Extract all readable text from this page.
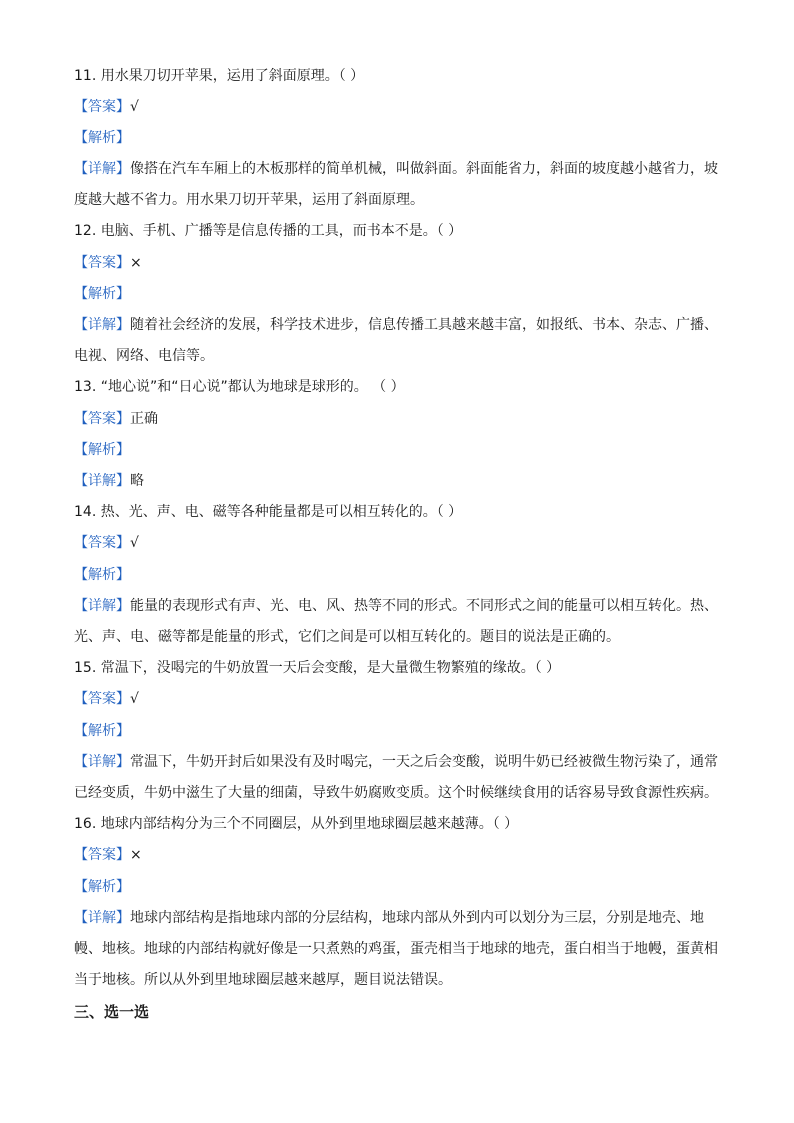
11. 用水果刀切开苹果，运用了斜面原理。（ ）
【答案】√
【解析】
【详解】像搭在汽车车厢上的木板那样的简单机械，叫做斜面。斜面能省力，斜面的坡度越小越省力，坡
度越大越不省力。用水果刀切开苹果，运用了斜面原理。
12. 电脑、手机、广播等是信息传播的工具，而书本不是。（ ）
【答案】×
【解析】
【详解】随着社会经济的发展，科学技术进步，信息传播工具越来越丰富，如报纸、书本、杂志、广播、
电视、网络、电信等。
13. “地心说”和“日心说”都认为地球是球形的。 （ ）
【答案】正确
【解析】
【详解】略
14. 热、光、声、电、磁等各种能量都是可以相互转化的。（ ）
【答案】√
【解析】
【详解】能量的表现形式有声、光、电、风、热等不同的形式。不同形式之间的能量可以相互转化。热、
光、声、电、磁等都是能量的形式，它们之间是可以相互转化的。题目的说法是正确的。
15. 常温下，没喝完的牛奶放置一天后会变酸，是大量微生物繁殖的缘故。（ ）
【答案】√
【解析】
【详解】常温下，牛奶开封后如果没有及时喝完，一天之后会变酸，说明牛奶已经被微生物污染了，通常
已经变质，牛奶中滋生了大量的细菌，导致牛奶腐败变质。这个时候继续食用的话容易导致食源性疾病。
16. 地球内部结构分为三个不同圈层，从外到里地球圈层越来越薄。（ ）
【答案】×
【解析】
【详解】地球内部结构是指地球内部的分层结构，地球内部从外到内可以划分为三层，分别是地壳、地
幔、地核。地球的内部结构就好像是一只煮熟的鸡蛋，蛋壳相当于地球的地壳，蛋白相当于地幔，蛋黄相
当于地核。所以从外到里地球圈层越来越厚，题目说法错误。
三、选一选
